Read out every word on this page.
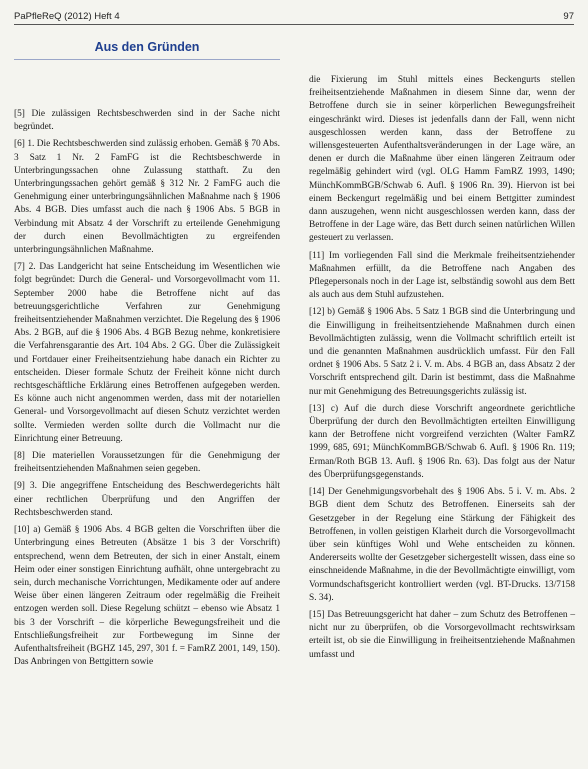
PaPfleReQ (2012) Heft 4	97
Aus den Gründen

[5] Die zulässigen Rechtsbeschwerden sind in der Sache nicht begründet.

[6] 1. Die Rechtsbeschwerden sind zulässig erhoben. Gemäß § 70 Abs. 3 Satz 1 Nr. 2 FamFG ist die Rechtsbeschwerde in Unterbringungssachen ohne Zulassung statthaft. Zu den Unterbringungssachen gehört gemäß § 312 Nr. 2 FamFG auch die Genehmigung einer unterbringungsähnlichen Maßnahme nach § 1906 Abs. 4 BGB. Dies umfasst auch die nach § 1906 Abs. 5 BGB in Verbindung mit Absatz 4 der Vorschrift zu erteilende Genehmigung der durch einen Bevollmächtigten zu ergreifenden unterbringungsähnlichen Maßnahme.

[7] 2. Das Landgericht hat seine Entscheidung im Wesentlichen wie folgt begründet: Durch die General- und Vorsorgevollmacht vom 11. September 2000 habe die Betroffene nicht auf das betreuungsgerichtliche Verfahren zur Genehmigung freiheitsentziehender Maßnahmen verzichtet. Die Regelung des § 1906 Abs. 2 BGB, auf die § 1906 Abs. 4 BGB Bezug nehme, konkretisiere die Verfahrensgarantie des Art. 104 Abs. 2 GG. Über die Zulässigkeit und Fortdauer einer Freiheitsentziehung habe danach ein Richter zu entscheiden. Dieser formale Schutz der Freiheit könne nicht durch rechtsgeschäftliche Erklärung eines Betroffenen aufgegeben werden. Es könne auch nicht angenommen werden, dass mit der notariellen General- und Vorsorgevollmacht auf diesen Schutz verzichtet werden sollte. Vermieden werden sollte durch die Vollmacht nur die Einrichtung einer Betreuung.

[8] Die materiellen Voraussetzungen für die Genehmigung der freiheitsentziehenden Maßnahmen seien gegeben.

[9] 3. Die angegriffene Entscheidung des Beschwerdegerichts hält einer rechtlichen Überprüfung und den Angriffen der Rechtsbeschwerden stand.

[10] a) Gemäß § 1906 Abs. 4 BGB gelten die Vorschriften über die Unterbringung eines Betreuten (Absätze 1 bis 3 der Vorschrift) entsprechend, wenn dem Betreuten, der sich in einer Anstalt, einem Heim oder einer sonstigen Einrichtung aufhält, ohne untergebracht zu sein, durch mechanische Vorrichtungen, Medikamente oder auf andere Weise über einen längeren Zeitraum oder regelmäßig die Freiheit entzogen werden soll. Diese Regelung schützt – ebenso wie Absatz 1 bis 3 der Vorschrift – die körperliche Bewegungsfreiheit und die Entschließungsfreiheit zur Fortbewegung im Sinne der Aufenthaltsfreiheit (BGHZ 145, 297, 301 f. = FamRZ 2001, 149, 150). Das Anbringen von Bettgittern sowie

die Fixierung im Stuhl mittels eines Beckengurts stellen freiheitsentziehende Maßnahmen in diesem Sinne dar, wenn der Betroffene durch sie in seiner körperlichen Bewegungsfreiheit eingeschränkt wird. Dieses ist jedenfalls dann der Fall, wenn nicht ausgeschlossen werden kann, dass der Betroffene zu willensgesteuerten Aufenthaltsveränderungen in der Lage wäre, an denen er durch die Maßnahme über einen längeren Zeitraum oder regelmäßig gehindert wird (vgl. OLG Hamm FamRZ 1993, 1490; MünchKommBGB/Schwab 6. Aufl. § 1906 Rn. 39). Hiervon ist bei einem Beckengurt regelmäßig und bei einem Bettgitter zumindest dann auszugehen, wenn nicht ausgeschlossen werden kann, dass der Betroffene in der Lage wäre, das Bett durch seinen natürlichen Willen gesteuert zu verlassen.

[11] Im vorliegenden Fall sind die Merkmale freiheitsentziehender Maßnahmen erfüllt, da die Betroffene nach Angaben des Pflegepersonals noch in der Lage ist, selbständig sowohl aus dem Bett als auch aus dem Stuhl aufzustehen.

[12] b) Gemäß § 1906 Abs. 5 Satz 1 BGB sind die Unterbringung und die Einwilligung in freiheitsentziehende Maßnahmen durch einen Bevollmächtigten zulässig, wenn die Vollmacht schriftlich erteilt ist und die genannten Maßnahmen ausdrücklich umfasst. Für den Fall ordnet § 1906 Abs. 5 Satz 2 i. V. m. Abs. 4 BGB an, dass Absatz 2 der Vorschrift entsprechend gilt. Darin ist bestimmt, dass die Maßnahme nur mit Genehmigung des Betreuungsgerichts zulässig ist.

[13] c) Auf die durch diese Vorschrift angeordnete gerichtliche Überprüfung der durch den Bevollmächtigten erteilten Einwilligung kann der Betroffene nicht vorgreifend verzichten (Walter FamRZ 1999, 685, 691; MünchKommBGB/Schwab 6. Aufl. § 1906 Rn. 119; Erman/Roth BGB 13. Aufl. § 1906 Rn. 63). Das folgt aus der Natur des Überprüfungsgegenstands.

[14] Der Genehmigungsvorbehalt des § 1906 Abs. 5 i. V. m. Abs. 2 BGB dient dem Schutz des Betroffenen. Einerseits sah der Gesetzgeber in der Regelung eine Stärkung der Fähigkeit des Betroffenen, in vollen geistigen Klarheit durch die Vorsorgevollmacht über sein künftiges Wohl und Wehe entscheiden zu können. Andererseits wollte der Gesetzgeber sichergestellt wissen, dass eine so einschneidende Maßnahme, in die der Bevollmächtigte einwilligt, vom Vormundschaftsgericht kontrolliert werden (vgl. BT-Drucks. 13/7158 S. 34).

[15] Das Betreuungsgericht hat daher – zum Schutz des Betroffenen – nicht nur zu überprüfen, ob die Vorsorgevollmacht rechtswirksam erteilt ist, ob sie die Einwilligung in freiheitsentziehende Maßnahmen umfasst und
